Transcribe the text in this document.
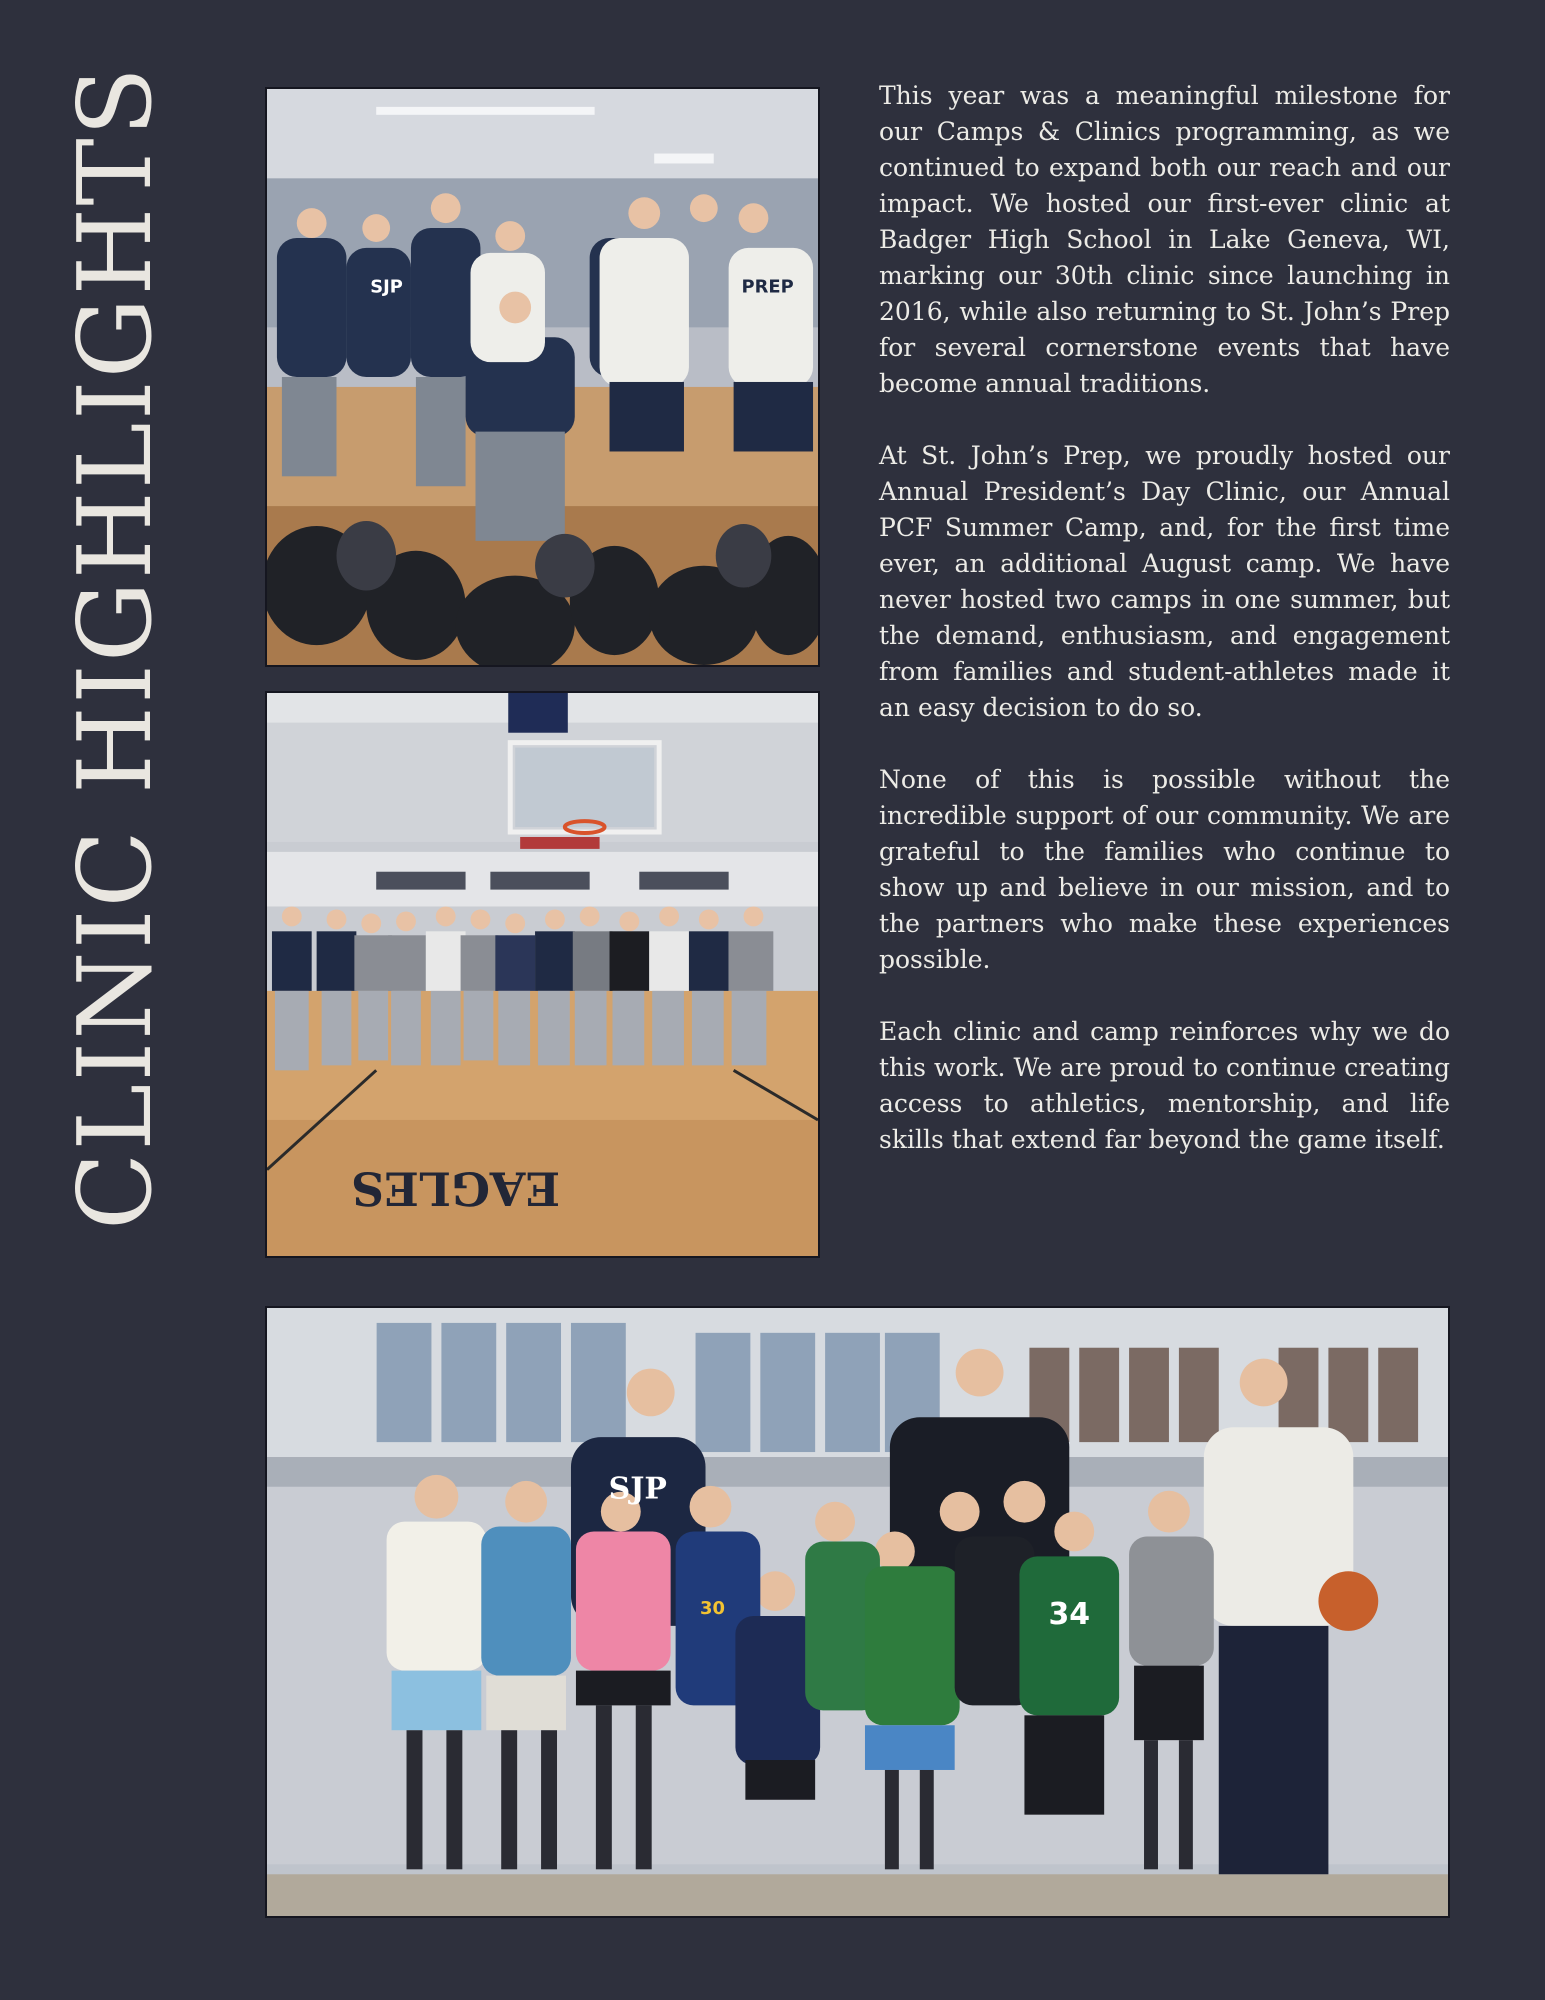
CLINIC HIGHLIGHTS	SJP	PREP
EAGLES
SJP
34
30

This year was a meaningful milestone for our Camps & Clinics programming, as we continued to expand both our reach and our impact. We hosted our first-ever clinic at Badger High School in Lake Geneva, WI, marking our 30th clinic since launching in 2016, while also returning to St. John’s Prep for several cornerstone events that have become annual traditions.

At St. John’s Prep, we proudly hosted our Annual President’s Day Clinic, our Annual PCF Summer Camp, and, for the first time ever, an additional August camp. We have never hosted two camps in one summer, but the demand, enthusiasm, and engagement from families and student-athletes made it an easy decision to do so.

None of this is possible without the incredible support of our community. We are grateful to the families who continue to show up and believe in our mission, and to the partners who make these experiences possible.

Each clinic and camp reinforces why we do this work. We are proud to continue creating access to athletics, mentorship, and life skills that extend far beyond the game itself.
